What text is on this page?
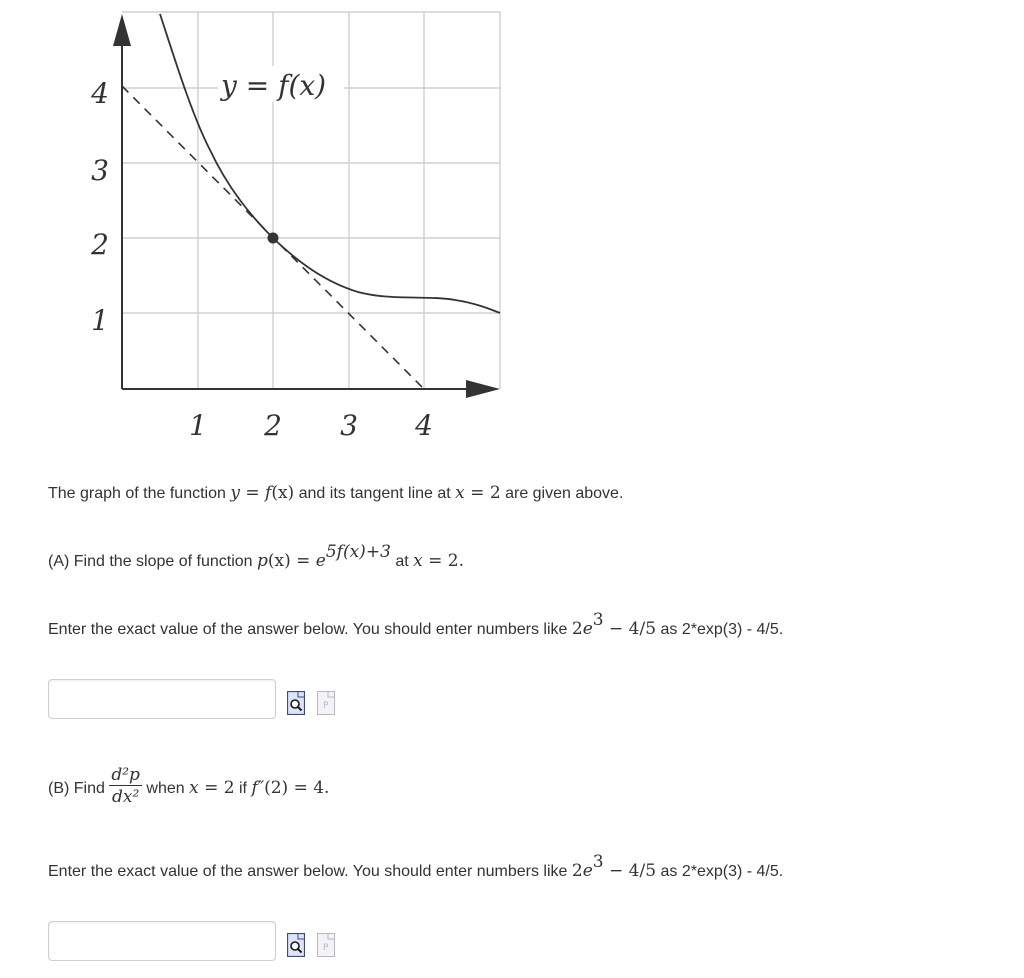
y = f(x)
4
3
2
1
1 2 3 4
The graph of the function y = f(x) and its tangent line at x = 2 are given above.
(A) Find the slope of function p(x) = e5f(x)+3 at x = 2.
Enter the exact value of the answer below. You should enter numbers like 2e3 − 4/5 as 2*exp(3) - 4/5.
P
(B) Find $\frac{\text{d²p}}{\text{dx²}}$ when x = 2 if f″(2) = 4.
Enter the exact value of the answer below. You should enter numbers like 2e3 − 4/5 as 2*exp(3) - 4/5.
P
